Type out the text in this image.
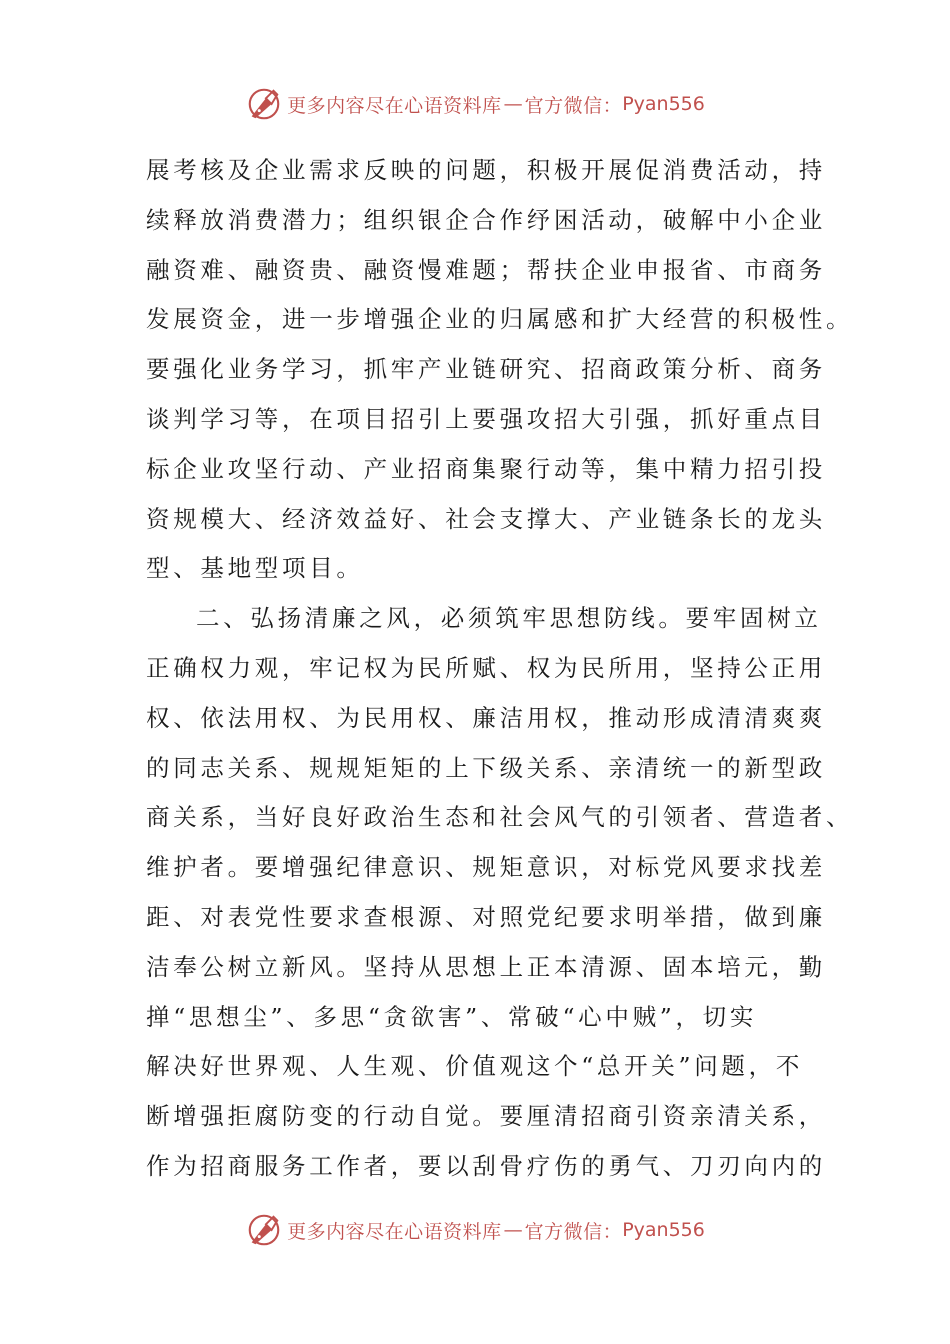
更多内容尽在心语资料库 — 官方微信： Pyan556
展考核及企业需求反映的问题，积极开展促消费活动，持
续释放消费潜力；组织银企合作纾困活动，破解中小企业
融资难、融资贵、融资慢难题；帮扶企业申报省、市商务
发展资金，进一步增强企业的归属感和扩大经营的积极性。
要强化业务学习，抓牢产业链研究、招商政策分析、商务
谈判学习等，在项目招引上要强攻招大引强，抓好重点目
标企业攻坚行动、产业招商集聚行动等，集中精力招引投
资规模大、经济效益好、社会支撑大、产业链条长的龙头
型、基地型项目。
二、弘扬清廉之风，必须筑牢思想防线。要牢固树立
正确权力观，牢记权为民所赋、权为民所用，坚持公正用
权、依法用权、为民用权、廉洁用权，推动形成清清爽爽
的同志关系、规规矩矩的上下级关系、亲清统一的新型政
商关系，当好良好政治生态和社会风气的引领者、营造者、
维护者。要增强纪律意识、规矩意识，对标党风要求找差
距、对表党性要求查根源、对照党纪要求明举措，做到廉
洁奉公树立新风。坚持从思想上正本清源、固本培元，勤
掸“思想尘”、多思“贪欲害”、常破“心中贼”，切实
解决好世界观、人生观、价值观这个“总开关”问题，不
断增强拒腐防变的行动自觉。要厘清招商引资亲清关系，
作为招商服务工作者，要以刮骨疗伤的勇气、刀刃向内的
更多内容尽在心语资料库 — 官方微信： Pyan556
